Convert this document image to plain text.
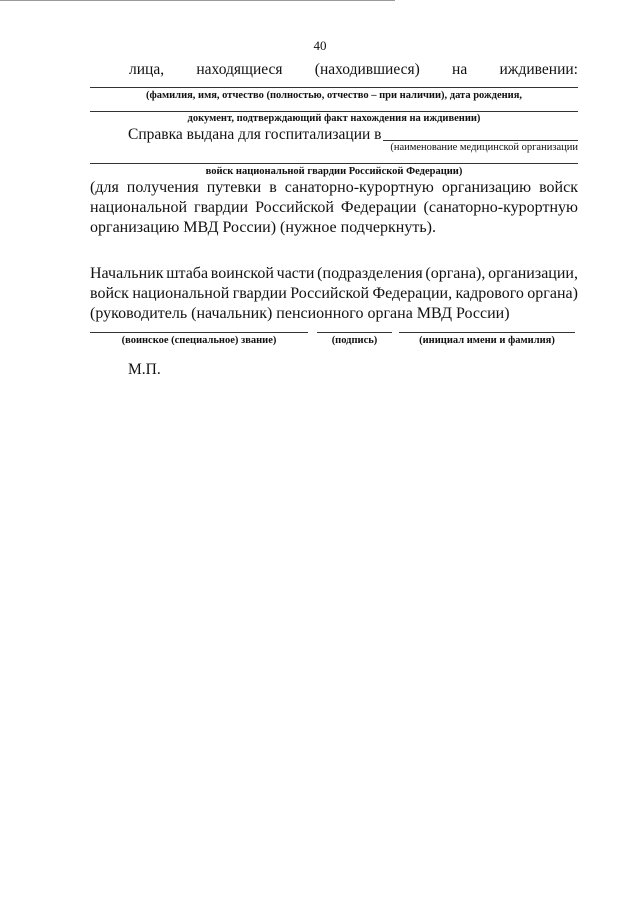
40
лица, находящиеся (находившиеся) на иждивении:
(фамилия, имя, отчество (полностью, отчество – при наличии), дата рождения,
документ, подтверждающий факт нахождения на иждивении)
Справка выдана для госпитализации в
(наименование медицинской организации
войск национальной гвардии Российской Федерации)
(для получения путевки в санаторно-курортную организацию войск
национальной гвардии Российской Федерации (санаторно-курортную
организацию МВД России) (нужное подчеркнуть).
Начальник штаба воинской части (подразделения (органа), организации,
войск национальной гвардии Российской Федерации, кадрового органа)
(руководитель (начальник) пенсионного органа МВД России)
(воинское (специальное) звание)	(подпись)	(инициал имени и фамилия)
М.П.
